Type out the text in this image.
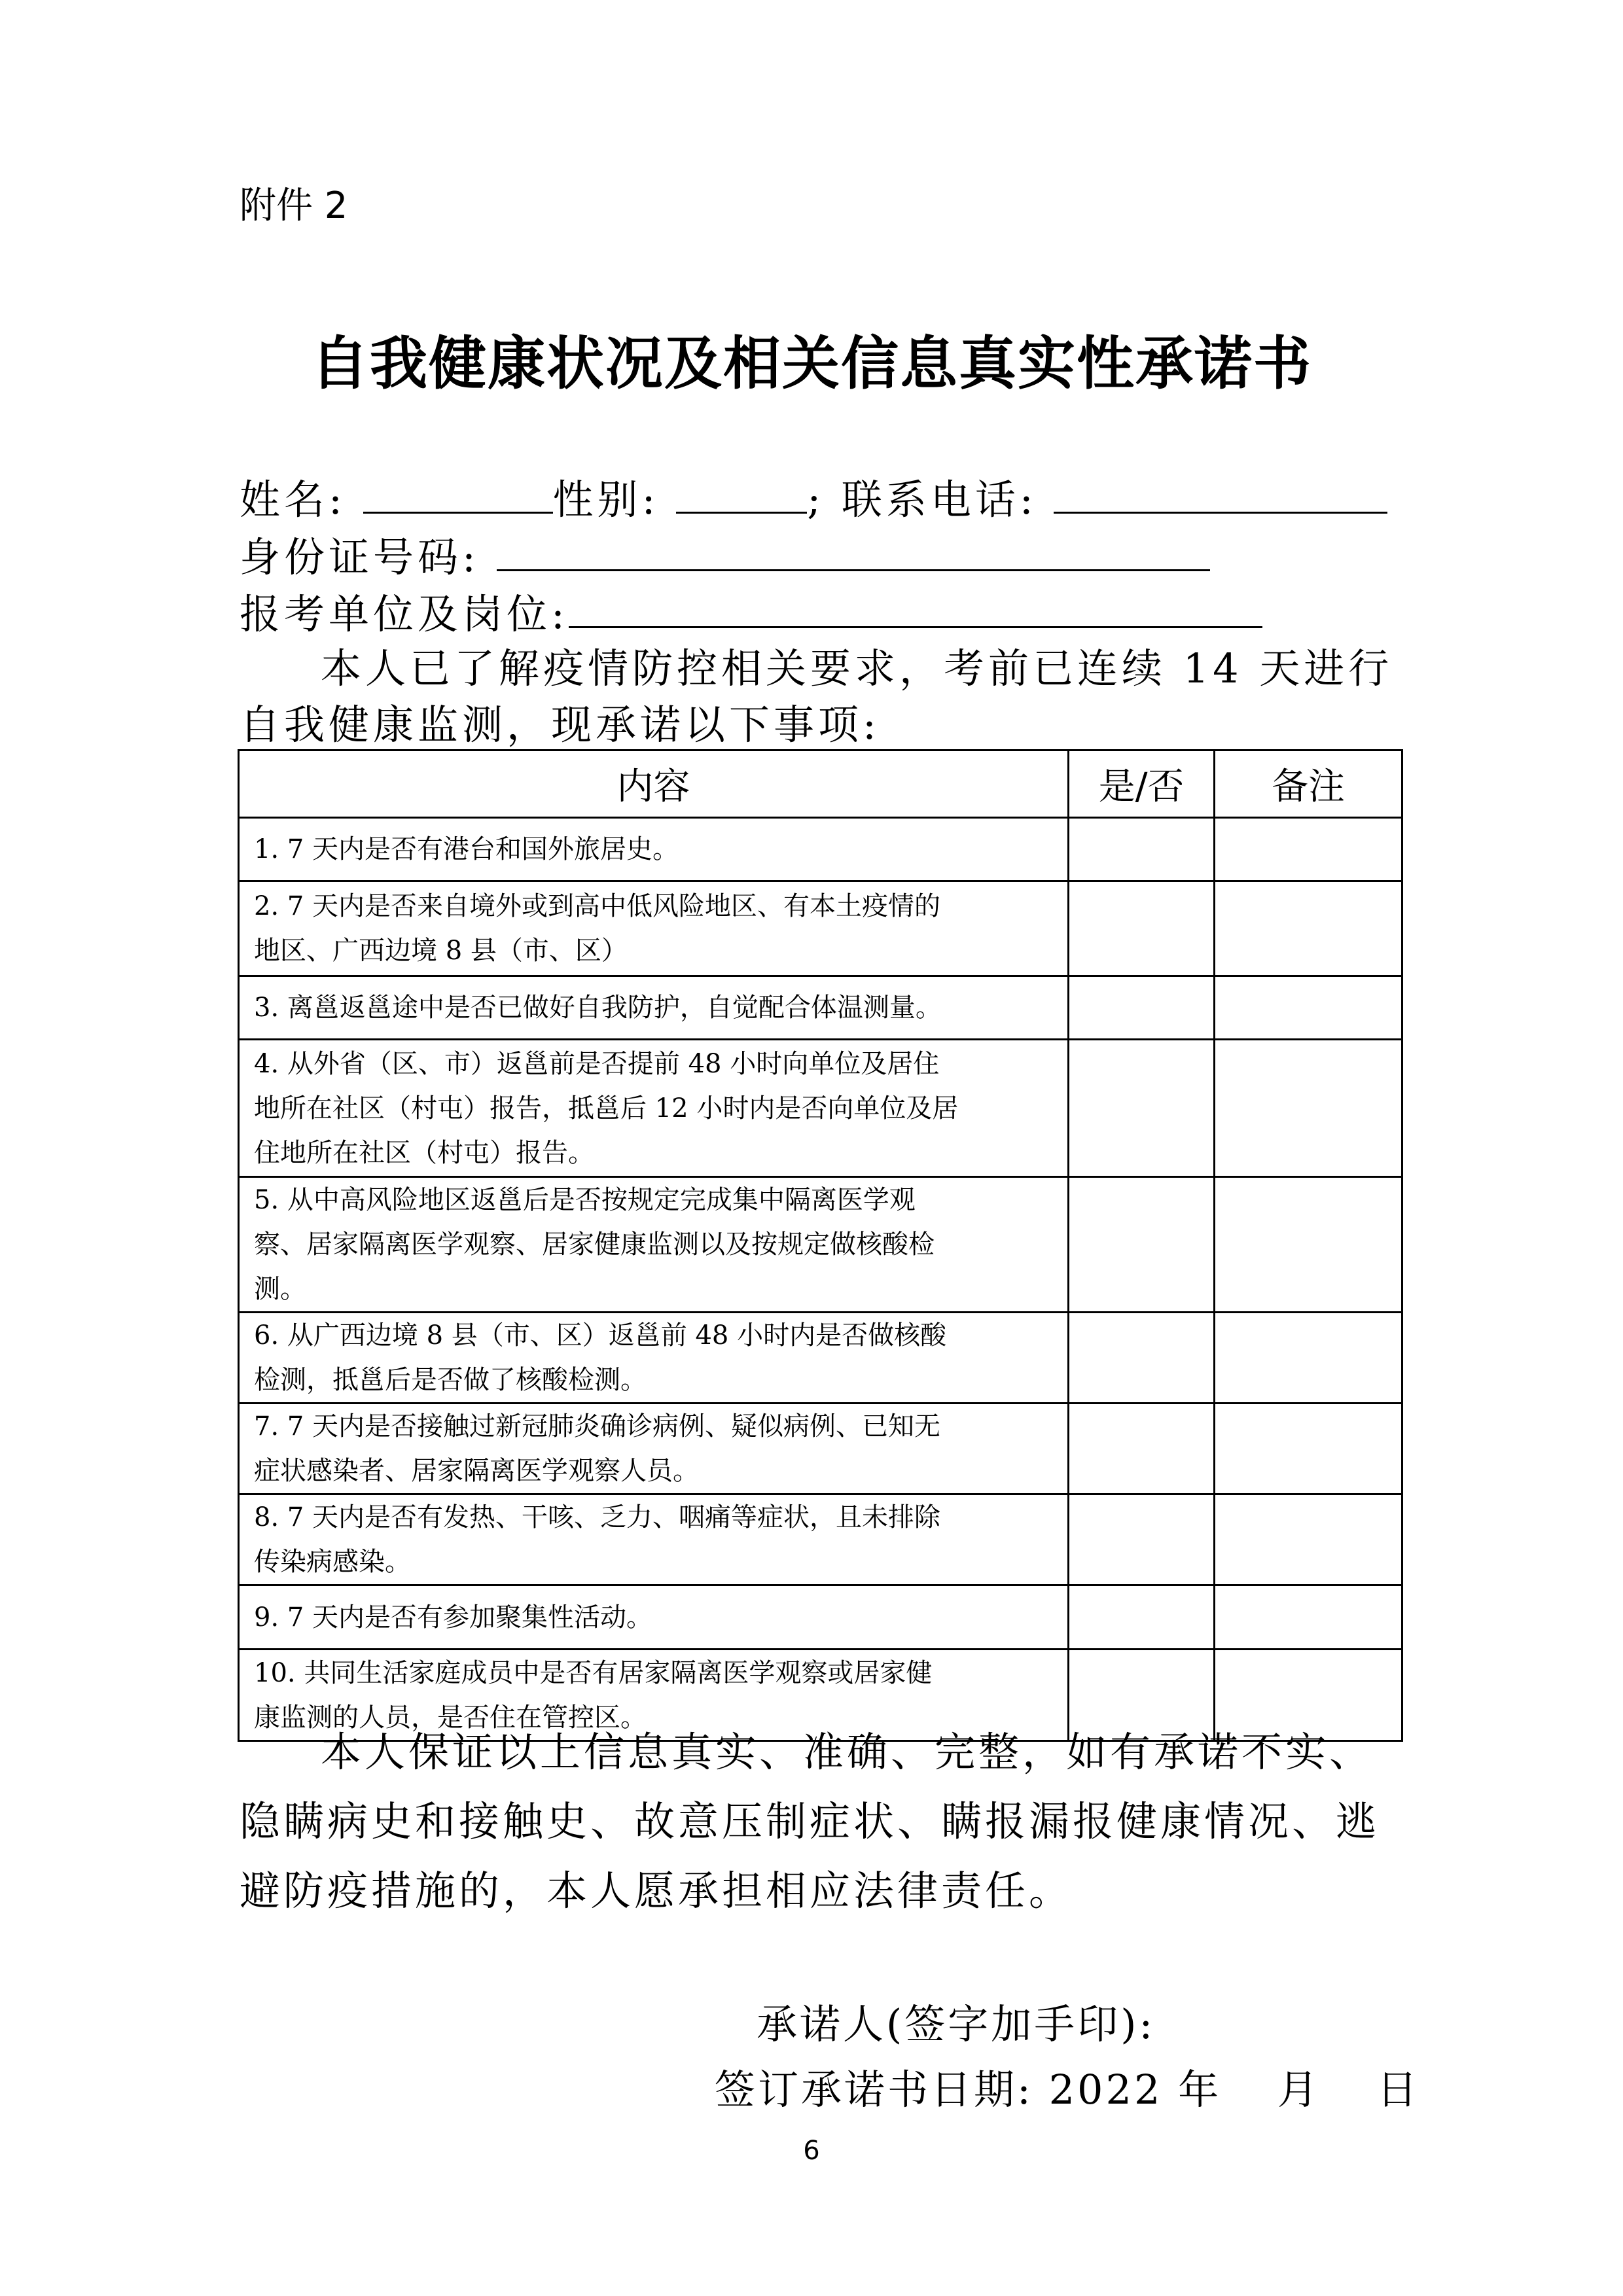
附件 2
自我健康状况及相关信息真实性承诺书
姓名:	性别:	; 联系电话:
身份证号码:
报考单位及岗位:
本人已了解疫情防控相关要求，考前已连续 14 天进行
自我健康监测，现承诺以下事项:
内容	是/否	备注

1. 7 天内是否有港台和国外旅居史。		

2. 7 天内是否来自境外或到高中低风险地区、有本土疫情的
地区、广西边境 8 县（市、区）		

3. 离邕返邕途中是否已做好自我防护，自觉配合体温测量。		

4. 从外省（区、市）返邕前是否提前 48 小时向单位及居住
地所在社区（村屯）报告，抵邕后 12 小时内是否向单位及居
住地所在社区（村屯）报告。		

5. 从中高风险地区返邕后是否按规定完成集中隔离医学观
察、居家隔离医学观察、居家健康监测以及按规定做核酸检
测。		

6. 从广西边境 8 县（市、区）返邕前 48 小时内是否做核酸
检测，抵邕后是否做了核酸检测。		

7. 7 天内是否接触过新冠肺炎确诊病例、疑似病例、已知无
症状感染者、居家隔离医学观察人员。		

8. 7 天内是否有发热、干咳、乏力、咽痛等症状，且未排除
传染病感染。		

9. 7 天内是否有参加聚集性活动。		

10. 共同生活家庭成员中是否有居家隔离医学观察或居家健
康监测的人员，是否住在管控区。		

本人保证以上信息真实、准确、完整，如有承诺不实、
隐瞒病史和接触史、故意压制症状、瞒报漏报健康情况、逃
避防疫措施的，本人愿承担相应法律责任。
承诺人(签字加手印):
签订承诺书日期: 2022 年 月 日
6
